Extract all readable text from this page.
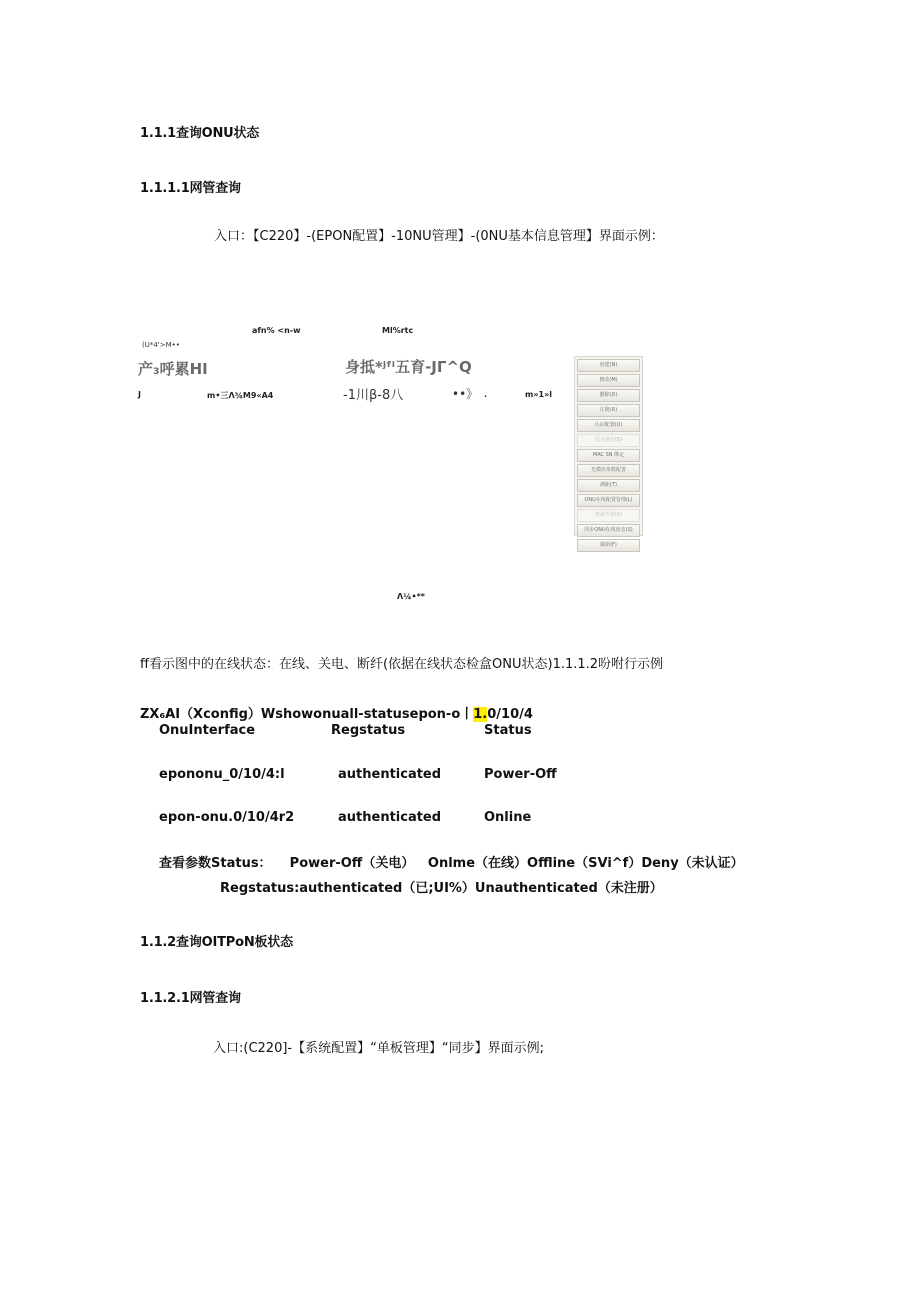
1.1.1查询ONU状态
1.1.1.1网管查询
入口：【C220】-(EPON配置】-10NU管理】-(0NU基本信息管理】界面示例：
afn% <n-w	Ml%rtc
(U*4'>M••
产₃呼累HI	身抵*ʲᶠⁱ五育-JΓ^Q
J	m•三Λ¾M9«A4	-1川β-8八	••》 .	m»1»l
创建(N)
修改(M)
删除(D)
注册(R)
认证配置(U)
设为备份(B)
MAC SN 绑定
光模块参数配置
测距(T)
ONU在线配置管理(L)
查看告警(A)
同步ONU在线状态(S)
刷新(F)
Λ¼•**
ff看示图中的在线状态：在线、关电、断纤(依据在线状态检盒ONU状态)1.1.1.2吩咐行示例
ZX₆AI（Xconfig）Wshowonuall-statusepon-o丨1.0/10/4
OnuInterface	Regstatus	Status
epononu_0/10/4:l	authenticated	Power-Off
epon-onu.0/10/4r2	authenticated	Online
查看参数Status：    Power-Off（关电）   Onlme（在线）Offline（SVi^f）Deny（未认证）
Regstatus:authenticated（已;UI%）Unauthenticated（未注册）
1.1.2查询OITPoN板状态
1.1.2.1网管查询
入口:(C220]-【系统配置】“单板管理】“同步】界面示例;
